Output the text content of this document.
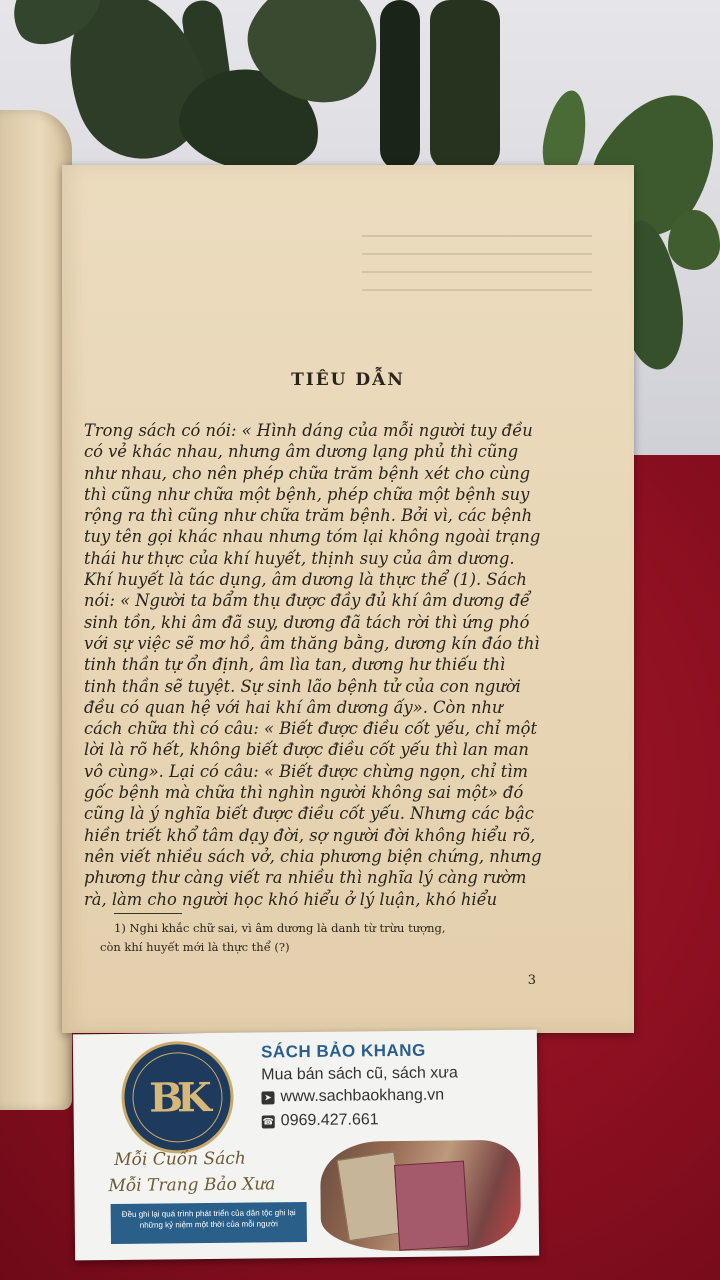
TIÊU DẪN
Trong sách có nói: « Hình dáng của mỗi người tuy đều
có vẻ khác nhau, nhưng âm dương lạng phủ thì cũng
như nhau, cho nên phép chữa trăm bệnh xét cho cùng
thì cũng như chữa một bệnh, phép chữa một bệnh suy
rộng ra thì cũng như chữa trăm bệnh. Bởi vì, các bệnh
tuy tên gọi khác nhau nhưng tóm lại không ngoài trạng
thái hư thực của khí huyết, thịnh suy của âm dương.
Khí huyết là tác dụng, âm dương là thực thể (1). Sách
nói: « Người ta bẩm thụ được đầy đủ khí âm dương để
sinh tồn, khi âm đã suy, dương đã tách rời thì ứng phó
với sự việc sẽ mơ hồ, âm thăng bằng, dương kín đáo thì
tinh thần tự ổn định, âm lìa tan, dương hư thiếu thì
tinh thần sẽ tuyệt. Sự sinh lão bệnh tử của con người
đều có quan hệ với hai khí âm dương ấy». Còn như
cách chữa thì có câu: « Biết được điều cốt yếu, chỉ một
lời là rõ hết, không biết được điều cốt yếu thì lan man
vô cùng». Lại có câu: « Biết được chừng ngọn, chỉ tìm
gốc bệnh mà chữa thì nghìn người không sai một» đó
cũng là ý nghĩa biết được điều cốt yếu. Nhưng các bậc
hiền triết khổ tâm dạy đời, sợ người đời không hiểu rõ,
nên viết nhiều sách vở, chia phương biện chứng, nhưng
phương thư càng viết ra nhiều thì nghĩa lý càng rườm
rà, làm cho người học khó hiểu ở lý luận, khó hiểu
1) Nghi khắc chữ sai, vì âm dương là danh từ trừu tượng,
còn khí huyết mới là thực thể (?)
3
BK
SÁCH BẢO KHANG
Mua bán sách cũ, sách xưa
➤ www.sachbaokhang.vn
☎ 0969.427.661
Mỗi Cuốn Sách
Mỗi Trang Bảo Xưa
Đều ghi lại quá trình phát triển của dân tộc ghi lại những kỷ niệm một thời của mỗi người
